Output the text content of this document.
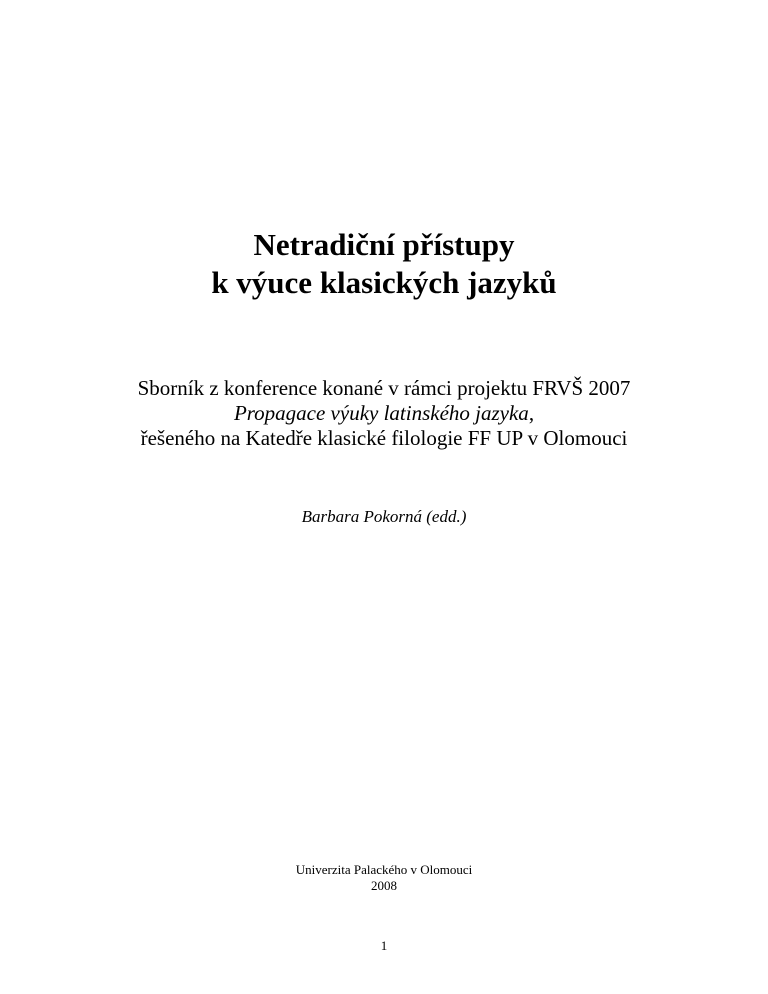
Netradiční přístupy
k výuce klasických jazyků
Sborník z konference konané v rámci projektu FRVŠ 2007
Propagace výuky latinského jazyka,
řešeného na Katedře klasické filologie FF UP v Olomouci
Barbara Pokorná (edd.)
Univerzita Palackého v Olomouci
2008
1
